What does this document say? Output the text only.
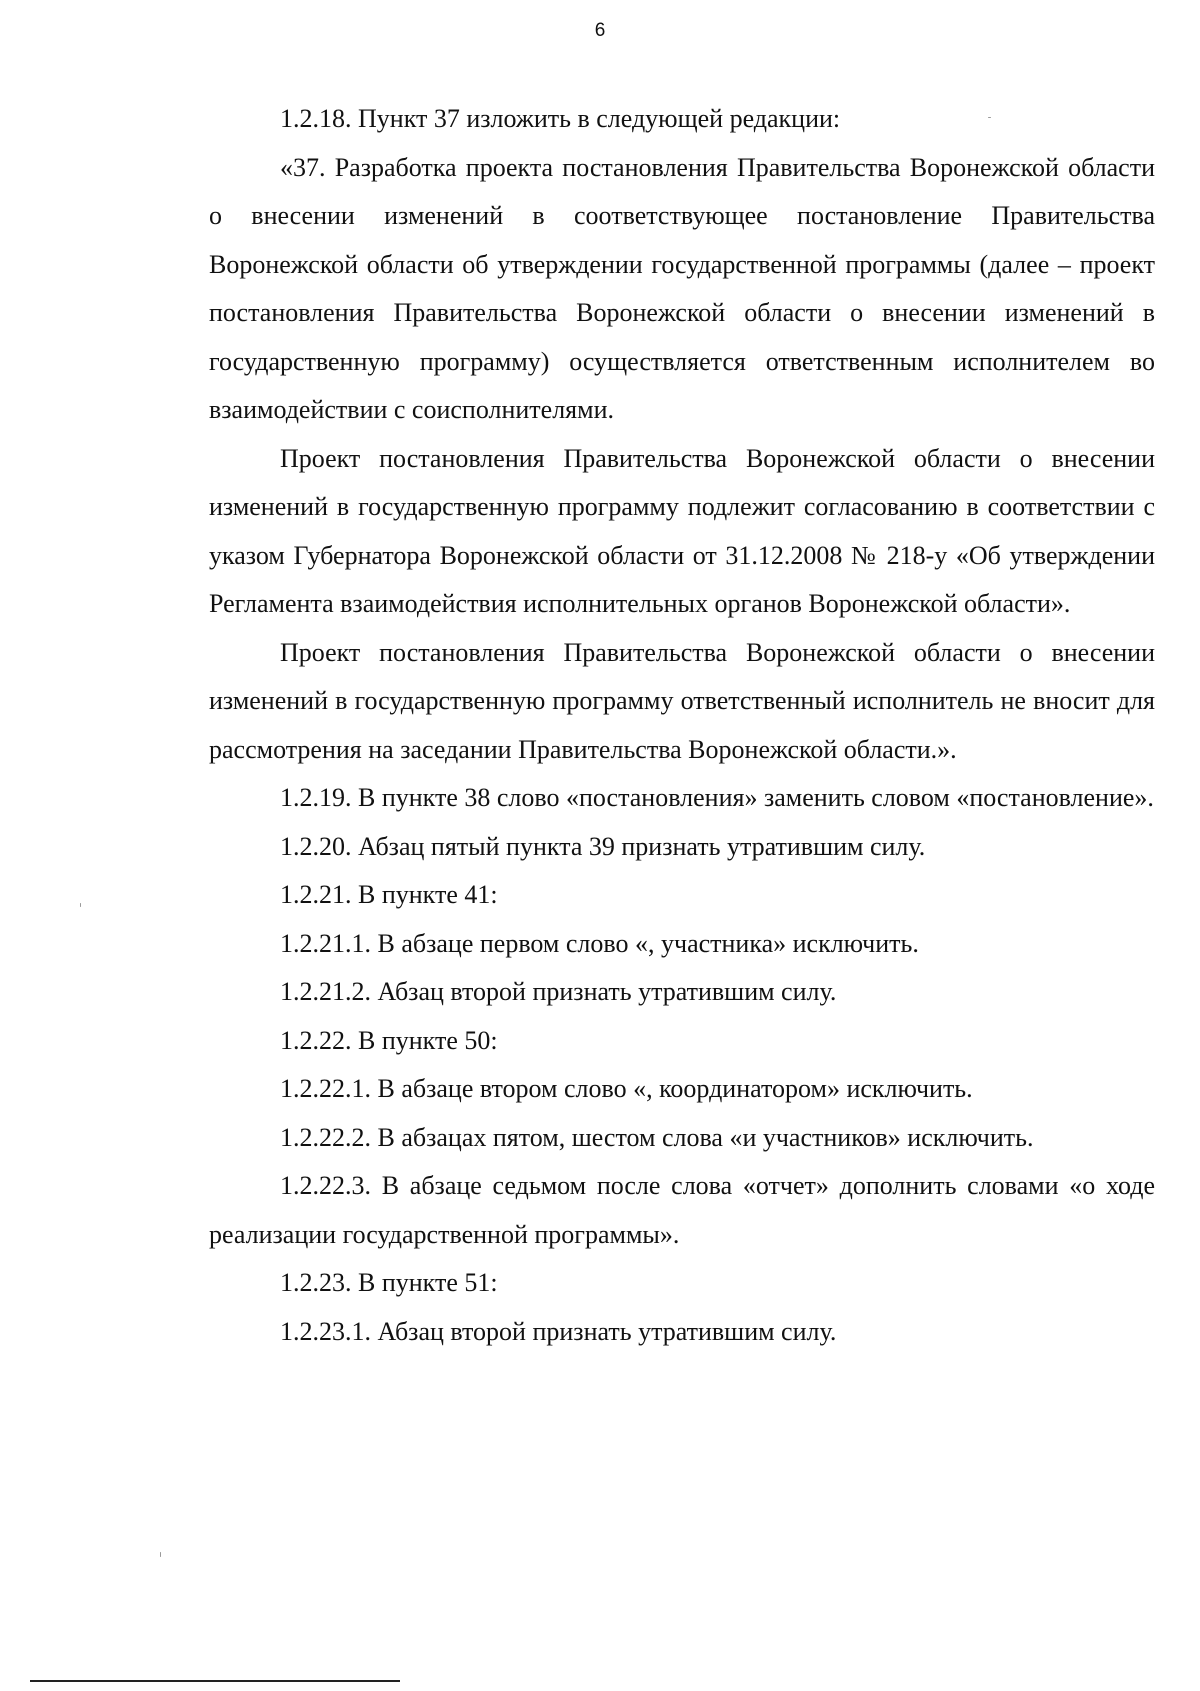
6

1.2.18. Пункт 37 изложить в следующей редакции:

«37. Разработка проекта постановления Правительства Воронежской области о внесении изменений в соответствующее постановление Правительства Воронежской области об утверждении государственной программы (далее – проект постановления Правительства Воронежской области о внесении изменений в государственную программу) осуществляется ответственным исполнителем во взаимодействии с соисполнителями.

Проект постановления Правительства Воронежской области о внесении изменений в государственную программу подлежит согласованию в соответствии с указом Губернатора Воронежской области от 31.12.2008 № 218-у «Об утверждении Регламента взаимодействия исполнительных органов Воронежской области».

Проект постановления Правительства Воронежской области о внесении изменений в государственную программу ответственный исполнитель не вносит для рассмотрения на заседании Правительства Воронежской области.».

1.2.19. В пункте 38 слово «постановления» заменить словом «постановление».

1.2.20. Абзац пятый пункта 39 признать утратившим силу.

1.2.21. В пункте 41:

1.2.21.1. В абзаце первом слово «, участника» исключить.

1.2.21.2. Абзац второй признать утратившим силу.

1.2.22. В пункте 50:

1.2.22.1. В абзаце втором слово «, координатором» исключить.

1.2.22.2. В абзацах пятом, шестом слова «и участников» исключить.

1.2.22.3. В абзаце седьмом после слова «отчет» дополнить словами «о ходе реализации государственной программы».

1.2.23. В пункте 51:

1.2.23.1. Абзац второй признать утратившим силу.
